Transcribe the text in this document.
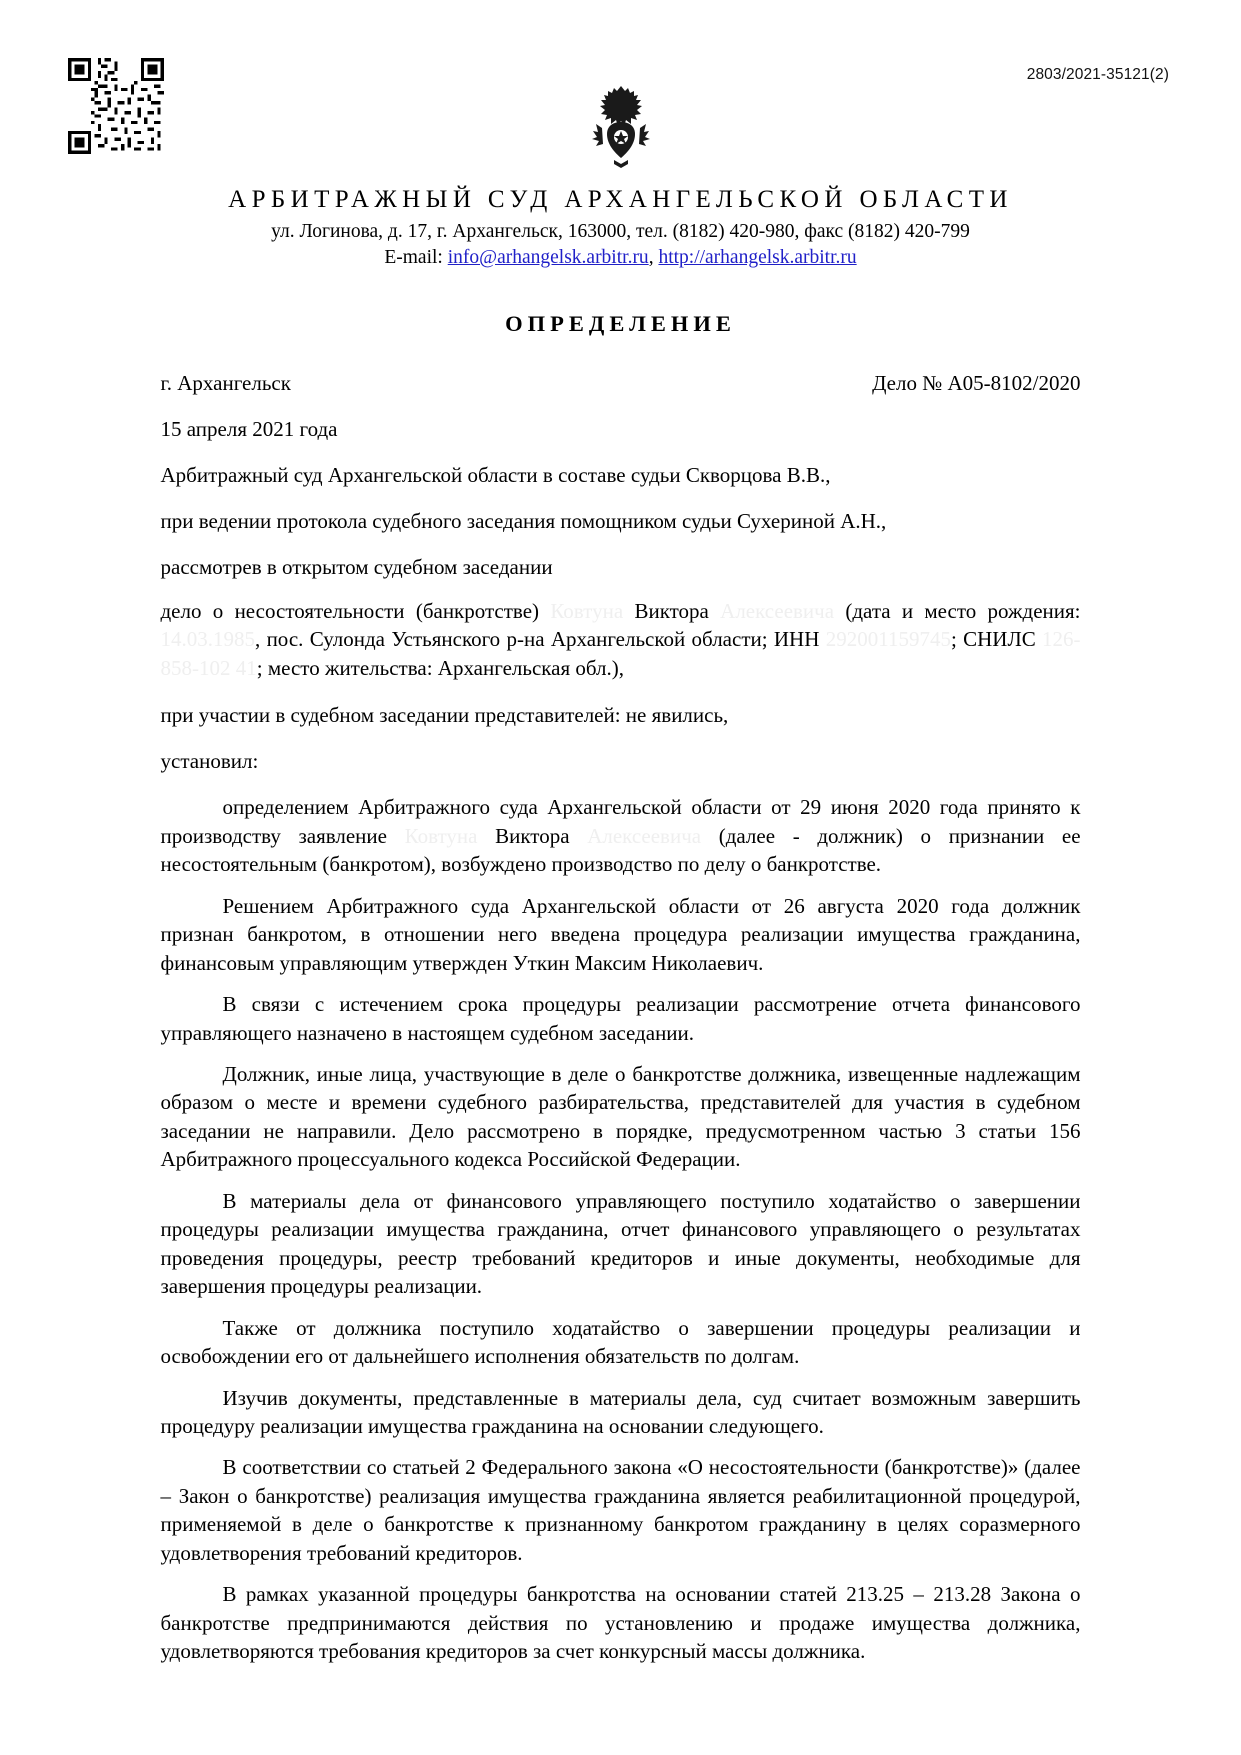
2803/2021-35121(2)
АРБИТРАЖНЫЙ СУД АРХАНГЕЛЬСКОЙ ОБЛАСТИ
ул. Логинова, д. 17, г. Архангельск, 163000, тел. (8182) 420-980, факс (8182) 420-799
E-mail: info@arhangelsk.arbitr.ru, http://arhangelsk.arbitr.ru
ОПРЕДЕЛЕНИЕ
г. Архангельск	Дело № А05-8102/2020
15 апреля 2021 года
Арбитражный суд Архангельской области в составе судьи Скворцова В.В.,
при ведении протокола судебного заседания помощником судьи Сухериной А.Н.,
рассмотрев в открытом судебном заседании

дело о несостоятельности (банкротстве) Ковтуна Виктора Алексеевича (дата и место рождения: 14.03.1985, пос. Сулонда Устьянского р-на Архангельской области; ИНН 292001159745; СНИЛС 126-858-102 41; место жительства: Архангельская обл.),

при участии в судебном заседании представителей: не явились,
установил:

определением Арбитражного суда Архангельской области от 29 июня 2020 года принято к производству заявление Ковтуна Виктора Алексеевича (далее - должник) о признании ее несостоятельным (банкротом), возбуждено производство по делу о банкротстве.

Решением Арбитражного суда Архангельской области от 26 августа 2020 года должник признан банкротом, в отношении него введена процедура реализации имущества гражданина, финансовым управляющим утвержден Уткин Максим Николаевич.

В связи с истечением срока процедуры реализации рассмотрение отчета финансового управляющего назначено в настоящем судебном заседании.

Должник, иные лица, участвующие в деле о банкротстве должника, извещенные надлежащим образом о месте и времени судебного разбирательства, представителей для участия в судебном заседании не направили. Дело рассмотрено в порядке, предусмотренном частью 3 статьи 156 Арбитражного процессуального кодекса Российской Федерации.

В материалы дела от финансового управляющего поступило ходатайство о завершении процедуры реализации имущества гражданина, отчет финансового управляющего о результатах проведения процедуры, реестр требований кредиторов и иные документы, необходимые для завершения процедуры реализации.

Также от должника поступило ходатайство о завершении процедуры реализации и освобождении его от дальнейшего исполнения обязательств по долгам.

Изучив документы, представленные в материалы дела, суд считает возможным завершить процедуру реализации имущества гражданина на основании следующего.

В соответствии со статьей 2 Федерального закона «О несостоятельности (банкротстве)» (далее – Закон о банкротстве) реализация имущества гражданина является реабилитационной процедурой, применяемой в деле о банкротстве к признанному банкротом гражданину в целях соразмерного удовлетворения требований кредиторов.

В рамках указанной процедуры банкротства на основании статей 213.25 – 213.28 Закона о банкротстве предпринимаются действия по установлению и продаже имущества должника, удовлетворяются требования кредиторов за счет конкурсный массы должника.
